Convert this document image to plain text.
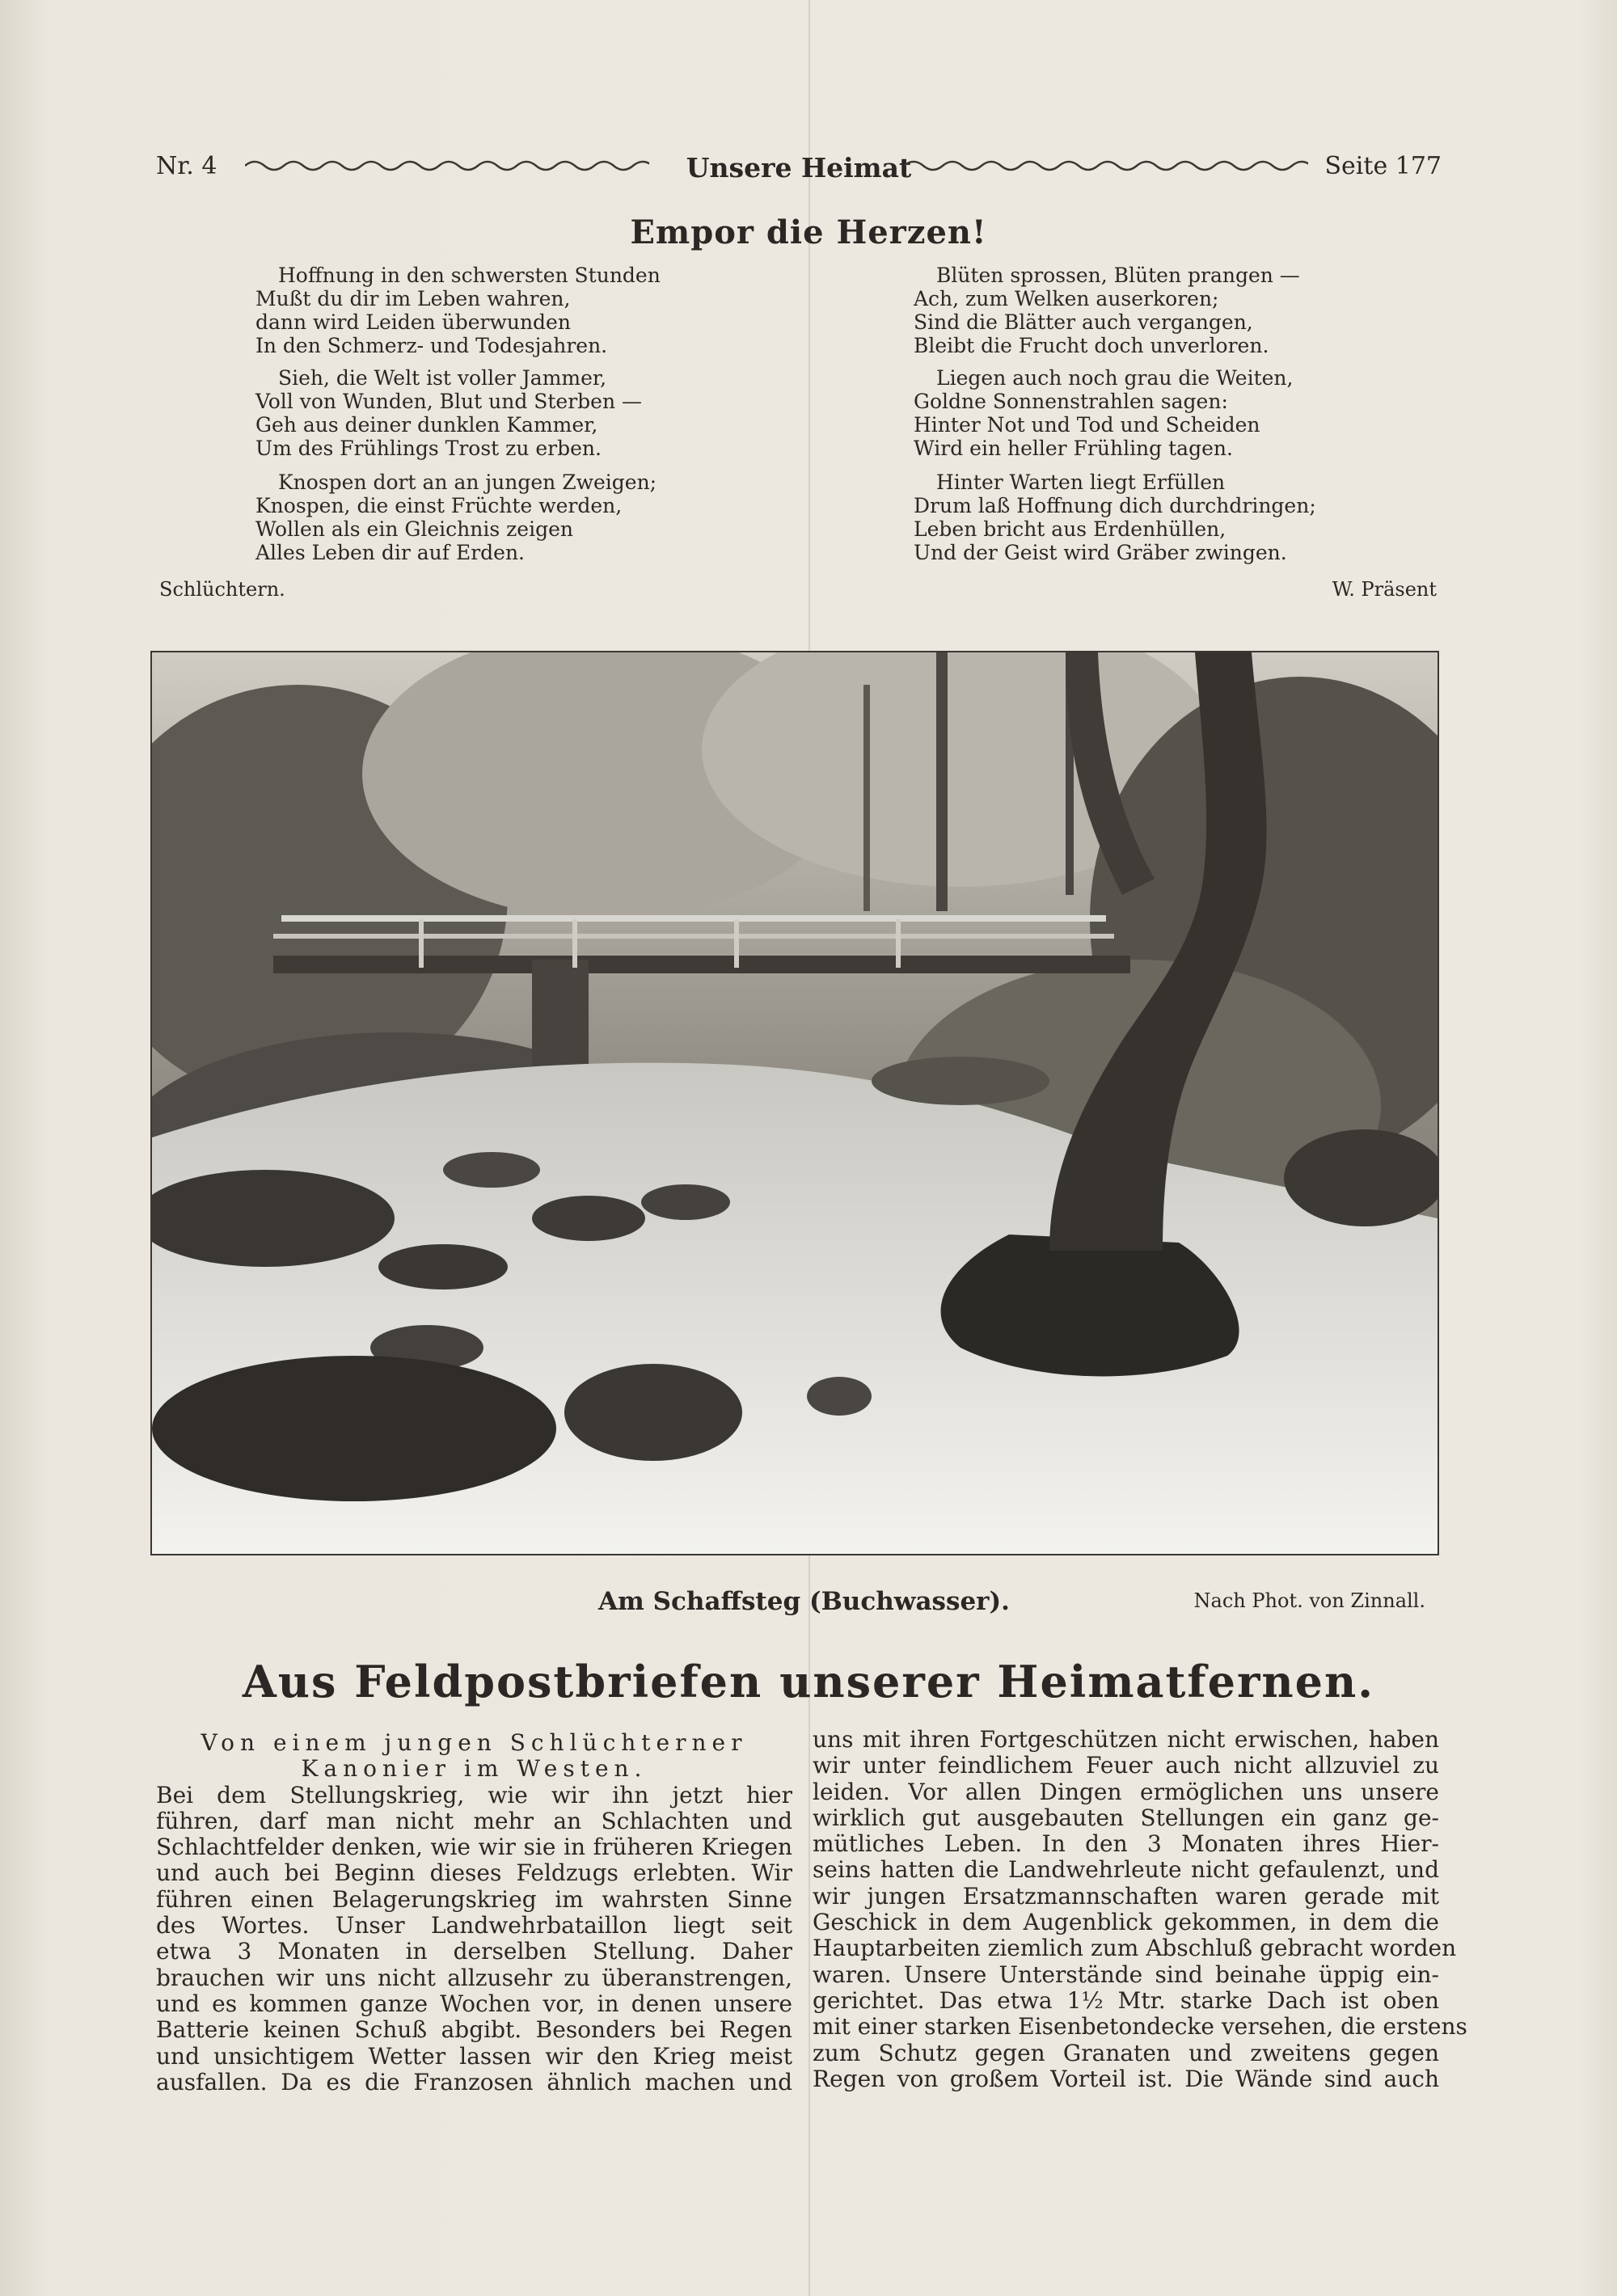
Nr. 4	Unsere Heimat	Seite 177
Empor die Herzen!
Hoffnung in den schwersten Stunden
Mußt du dir im Leben wahren,
dann wird Leiden überwunden
In den Schmerz- und Todesjahren.
Sieh, die Welt ist voller Jammer,
Voll von Wunden, Blut und Sterben —
Geh aus deiner dunklen Kammer,
Um des Frühlings Trost zu erben.
Knospen dort an an jungen Zweigen;
Knospen, die einst Früchte werden,
Wollen als ein Gleichnis zeigen
Alles Leben dir auf Erden.
Blüten sprossen, Blüten prangen —
Ach, zum Welken auserkoren;
Sind die Blätter auch vergangen,
Bleibt die Frucht doch unverloren.
Liegen auch noch grau die Weiten,
Goldne Sonnenstrahlen sagen:
Hinter Not und Tod und Scheiden
Wird ein heller Frühling tagen.
Hinter Warten liegt Erfüllen
Drum laß Hoffnung dich durchdringen;
Leben bricht aus Erdenhüllen,
Und der Geist wird Gräber zwingen.
Schlüchtern.	W. Präsent
Am Schaffsteg (Buchwasser).	Nach Phot. von Zinnall.
Aus Feldpostbriefen unserer Heimatfernen.
Von einem jungen Schlüchterner
Kanonier im Westen.
Bei dem Stellungskrieg, wie wir ihn jetzt hier
führen, darf man nicht mehr an Schlachten und
Schlachtfelder denken, wie wir sie in früheren Kriegen
und auch bei Beginn dieses Feldzugs erlebten. Wir
führen einen Belagerungskrieg im wahrsten Sinne
des Wortes. Unser Landwehrbataillon liegt seit
etwa 3 Monaten in derselben Stellung. Daher
brauchen wir uns nicht allzusehr zu überanstrengen,
und es kommen ganze Wochen vor, in denen unsere
Batterie keinen Schuß abgibt. Besonders bei Regen
und unsichtigem Wetter lassen wir den Krieg meist
ausfallen. Da es die Franzosen ähnlich machen und
uns mit ihren Fortgeschützen nicht erwischen, haben
wir unter feindlichem Feuer auch nicht allzuviel zu
leiden. Vor allen Dingen ermöglichen uns unsere
wirklich gut ausgebauten Stellungen ein ganz ge-
mütliches Leben. In den 3 Monaten ihres Hier-
seins hatten die Landwehrleute nicht gefaulenzt, und
wir jungen Ersatzmannschaften waren gerade mit
Geschick in dem Augenblick gekommen, in dem die
Hauptarbeiten ziemlich zum Abschluß gebracht worden
waren. Unsere Unterstände sind beinahe üppig ein-
gerichtet. Das etwa 1½ Mtr. starke Dach ist oben
mit einer starken Eisenbetondecke versehen, die erstens
zum Schutz gegen Granaten und zweitens gegen
Regen von großem Vorteil ist. Die Wände sind auch
